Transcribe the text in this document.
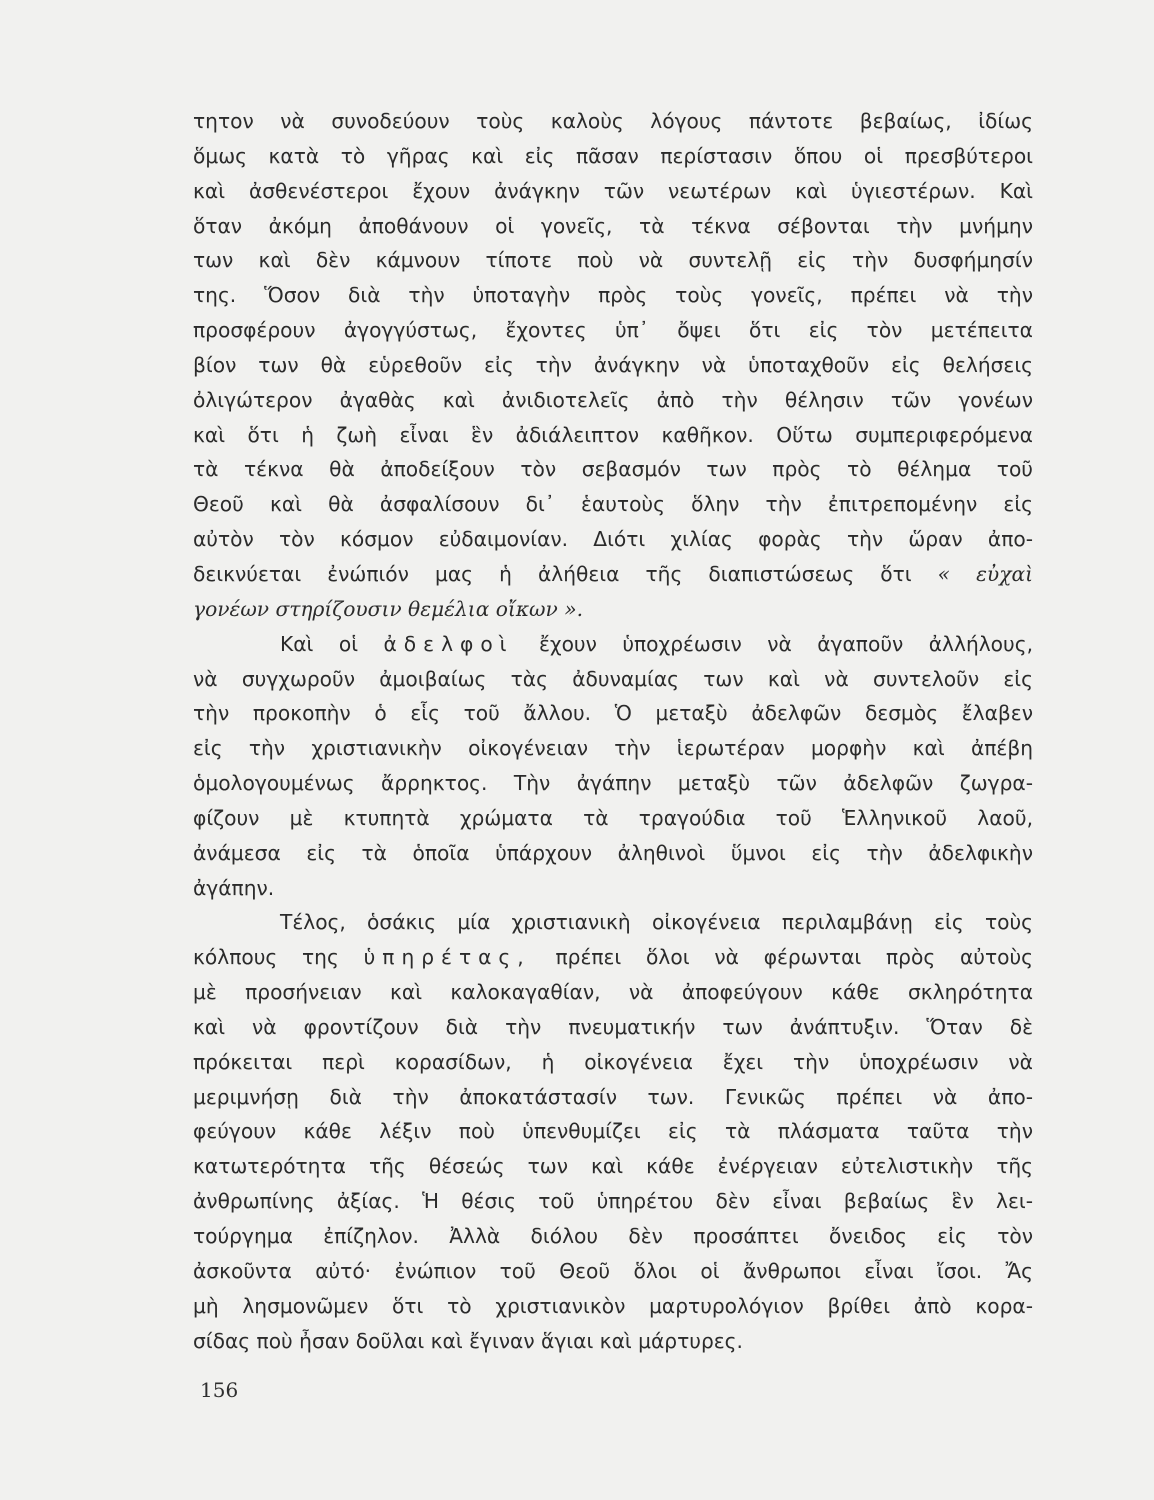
τητον νὰ συνοδεύουν τοὺς καλοὺς λόγους πάντοτε βεβαίως, ἰδίως
ὅμως κατὰ τὸ γῆρας καὶ εἰς πᾶσαν περίστασιν ὅπου οἱ πρεσβύτεροι
καὶ ἀσθενέστεροι ἔχουν ἀνάγκην τῶν νεωτέρων καὶ ὑγιεστέρων. Καὶ
ὅταν ἀκόμη ἀποθάνουν οἱ γονεῖς, τὰ τέκνα σέβονται τὴν μνήμην
των καὶ δὲν κάμνουν τίποτε ποὺ νὰ συντελῇ εἰς τὴν δυσφήμησίν
της. Ὅσον διὰ τὴν ὑποταγὴν πρὸς τοὺς γονεῖς, πρέπει νὰ τὴν
προσφέρουν ἀγογγύστως, ἔχοντες ὑπ᾽ ὄψει ὅτι εἰς τὸν μετέπειτα
βίον των θὰ εὑρεθοῦν εἰς τὴν ἀνάγκην νὰ ὑποταχθοῦν εἰς θελήσεις
ὀλιγώτερον ἀγαθὰς καὶ ἀνιδιοτελεῖς ἀπὸ τὴν θέλησιν τῶν γονέων
καὶ ὅτι ἡ ζωὴ εἶναι ἓν ἀδιάλειπτον καθῆκον. Οὕτω συμπεριφερόμενα
τὰ τέκνα θὰ ἀποδείξουν τὸν σεβασμόν των πρὸς τὸ θέλημα τοῦ
Θεοῦ καὶ θὰ ἀσφαλίσουν δι᾽ ἑαυτοὺς ὅλην τὴν ἐπιτρεπομένην εἰς
αὐτὸν τὸν κόσμον εὐδαιμονίαν. Διότι χιλίας φορὰς τὴν ὥραν ἀπο-
δεικνύεται ἐνώπιόν μας ἡ ἀλήθεια τῆς διαπιστώσεως ὅτι « εὐχαὶ
γονέων στηρίζουσιν θεμέλια οἴκων ».
Καὶ οἱ ἀδελφοὶ ἔχουν ὑποχρέωσιν νὰ ἀγαποῦν ἀλλήλους,
νὰ συγχωροῦν ἀμοιβαίως τὰς ἀδυναμίας των καὶ νὰ συντελοῦν εἰς
τὴν προκοπὴν ὁ εἷς τοῦ ἄλλου. Ὁ μεταξὺ ἀδελφῶν δεσμὸς ἔλαβεν
εἰς τὴν χριστιανικὴν οἰκογένειαν τὴν ἱερωτέραν μορφὴν καὶ ἀπέβη
ὁμολογουμένως ἄρρηκτος. Τὴν ἀγάπην μεταξὺ τῶν ἀδελφῶν ζωγρα-
φίζουν μὲ κτυπητὰ χρώματα τὰ τραγούδια τοῦ Ἑλληνικοῦ λαοῦ,
ἀνάμεσα εἰς τὰ ὁποῖα ὑπάρχουν ἀληθινοὶ ὕμνοι εἰς τὴν ἀδελφικὴν
ἀγάπην.
Τέλος, ὁσάκις μία χριστιανικὴ οἰκογένεια περιλαμβάνῃ εἰς τοὺς
κόλπους της ὑπηρέτας, πρέπει ὅλοι νὰ φέρωνται πρὸς αὐτοὺς
μὲ προσήνειαν καὶ καλοκαγαθίαν, νὰ ἀποφεύγουν κάθε σκληρότητα
καὶ νὰ φροντίζουν διὰ τὴν πνευματικήν των ἀνάπτυξιν. Ὅταν δὲ
πρόκειται περὶ κορασίδων, ἡ οἰκογένεια ἔχει τὴν ὑποχρέωσιν νὰ
μεριμνήσῃ διὰ τὴν ἀποκατάστασίν των. Γενικῶς πρέπει νὰ ἀπο-
φεύγουν κάθε λέξιν ποὺ ὑπενθυμίζει εἰς τὰ πλάσματα ταῦτα τὴν
κατωτερότητα τῆς θέσεώς των καὶ κάθε ἐνέργειαν εὐτελιστικὴν τῆς
ἀνθρωπίνης ἀξίας. Ἡ θέσις τοῦ ὑπηρέτου δὲν εἶναι βεβαίως ἓν λει-
τούργημα ἐπίζηλον. Ἀλλὰ διόλου δὲν προσάπτει ὄνειδος εἰς τὸν
ἀσκοῦντα αὐτό· ἐνώπιον τοῦ Θεοῦ ὅλοι οἱ ἄνθρωποι εἶναι ἴσοι. Ἄς
μὴ λησμονῶμεν ὅτι τὸ χριστιανικὸν μαρτυρολόγιον βρίθει ἀπὸ κορα-
σίδας ποὺ ἦσαν δοῦλαι καὶ ἔγιναν ἅγιαι καὶ μάρτυρες.
156
